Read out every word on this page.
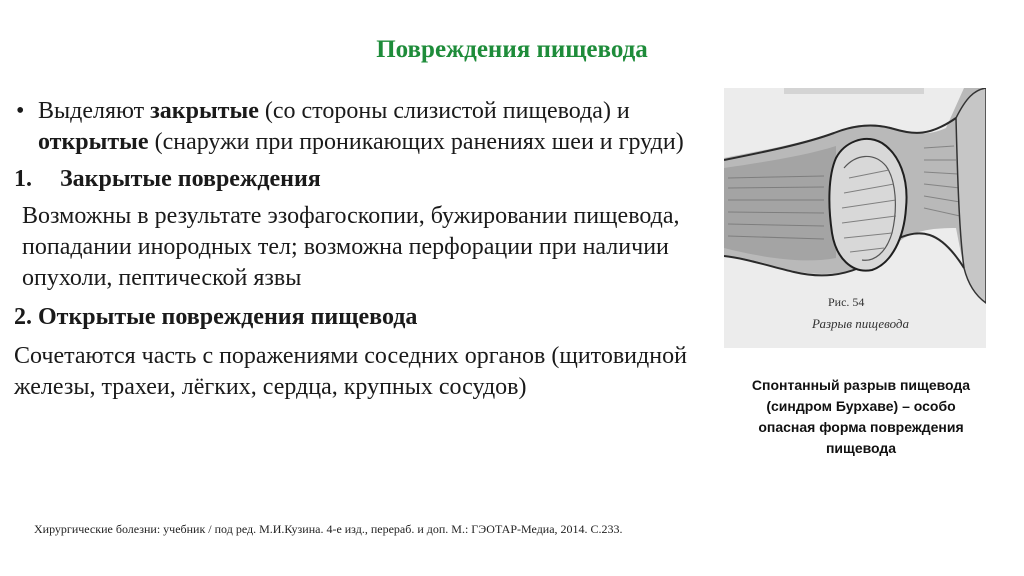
Повреждения пищевода
• Выделяют закрытые (со стороны слизистой пищевода) и открытые (снаружи при проникающих ранениях шеи и груди)
1. Закрытые повреждения
Возможны в результате эзофагоскопии, бужировании пищевода, попадании инородных тел; возможна перфорации при наличии опухоли, пептической язвы
2. Открытые повреждения пищевода
Сочетаются часть с поражениями соседних органов (щитовидной железы, трахеи, лёгких, сердца, крупных сосудов)
Рис. 54
Разрыв пищевода
Спонтанный разрыв пищевода (синдром Бурхаве) – особо опасная форма повреждения пищевода
Хирургические болезни: учебник / под ред. М.И.Кузина. 4-е изд., перераб. и доп. М.: ГЭОТАР-Медиа, 2014. С.233.
